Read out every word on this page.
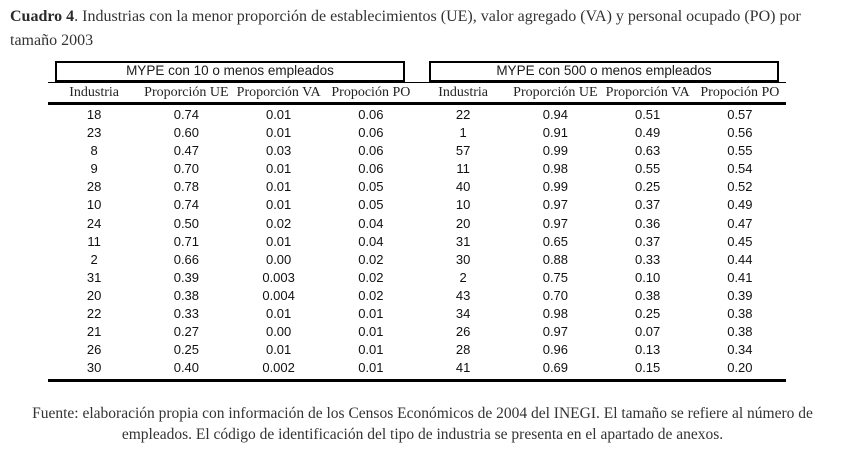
Cuadro 4. Industrias con la menor proporción de establecimientos (UE), valor agregado (VA) y personal ocupado (PO) por tamaño 2003

MYPE con 10 o menos empleados	MYPE con 500 o menos empleados
Industria	Proporción UE Proporción VA Propoción PO	Industria	Proporción UE Proporción VA Propoción PO
18	0.74	0.01	0.06	22	0.94	0.51	0.57
23	0.60	0.01	0.06	1	0.91	0.49	0.56
8	0.47	0.03	0.06	57	0.99	0.63	0.55
9	0.70	0.01	0.06	11	0.98	0.55	0.54
28	0.78	0.01	0.05	40	0.99	0.25	0.52
10	0.74	0.01	0.05	10	0.97	0.37	0.49
24	0.50	0.02	0.04	20	0.97	0.36	0.47
11	0.71	0.01	0.04	31	0.65	0.37	0.45
2	0.66	0.00	0.02	30	0.88	0.33	0.44
31	0.39	0.003	0.02	2	0.75	0.10	0.41
20	0.38	0.004	0.02	43	0.70	0.38	0.39
22	0.33	0.01	0.01	34	0.98	0.25	0.38
21	0.27	0.00	0.01	26	0.97	0.07	0.38
26	0.25	0.01	0.01	28	0.96	0.13	0.34
30	0.40	0.002	0.01	41	0.69	0.15	0.20

Fuente: elaboración propia con información de los Censos Económicos de 2004 del INEGI. El tamaño se refiere al número de empleados. El código de identificación del tipo de industria se presenta en el apartado de anexos.
